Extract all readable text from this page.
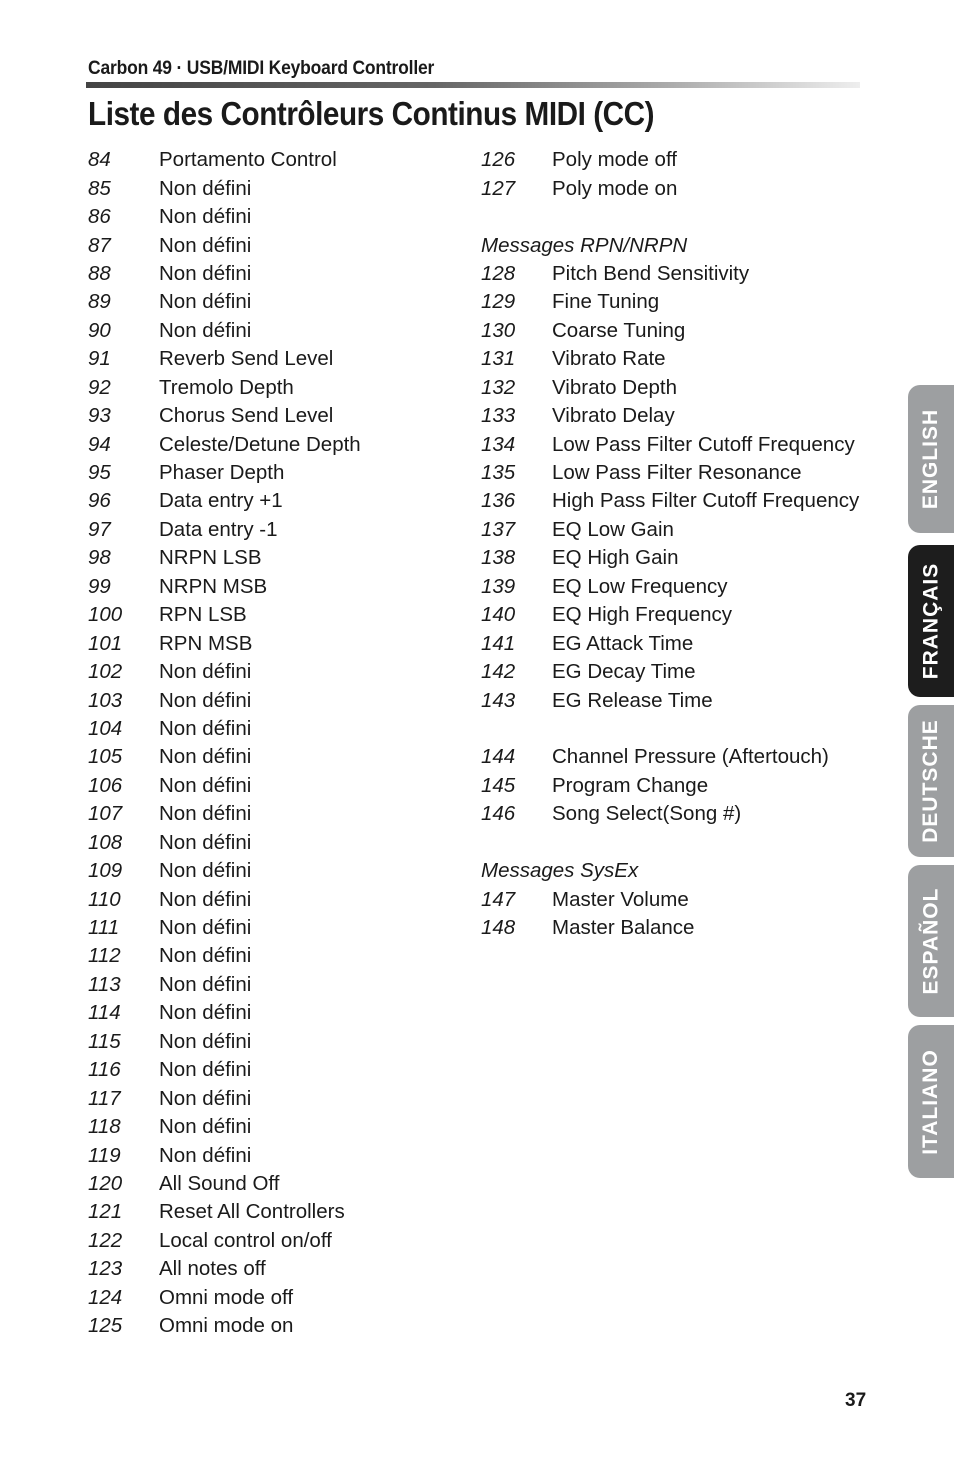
Carbon 49 · USB/MIDI Keyboard Controller
Liste des Contrôleurs Continus MIDI (CC)
84	Portamento Control
85	Non défini
86	Non défini
87	Non défini
88	Non défini
89	Non défini
90	Non défini
91	Reverb Send Level
92	Tremolo Depth
93	Chorus Send Level
94	Celeste/Detune Depth
95	Phaser Depth
96	Data entry +1
97	Data entry -1
98	NRPN LSB
99	NRPN MSB
100	RPN LSB
101	RPN MSB
102	Non défini
103	Non défini
104	Non défini
105	Non défini
106	Non défini
107	Non défini
108	Non défini
109	Non défini
110	Non défini
111	Non défini
112	Non défini
113	Non défini
114	Non défini
115	Non défini
116	Non défini
117	Non défini
118	Non défini
119	Non défini
120	All Sound Off
121	Reset All Controllers
122	Local control on/off
123	All notes off
124	Omni mode off
125	Omni mode on
126	Poly mode off
127	Poly mode on
Messages RPN/NRPN
128	Pitch Bend Sensitivity
129	Fine Tuning
130	Coarse Tuning
131	Vibrato Rate
132	Vibrato Depth
133	Vibrato Delay
134	Low Pass Filter Cutoff Frequency
135	Low Pass Filter Resonance
136	High Pass Filter Cutoff Frequency
137	EQ Low Gain
138	EQ High Gain
139	EQ Low Frequency
140	EQ High Frequency
141	EG Attack Time
142	EG Decay Time
143	EG Release Time
144	Channel Pressure (Aftertouch)
145	Program Change
146	Song Select(Song #)
Messages SysEx
147	Master Volume
148	Master Balance
ENGLISH
FRANÇAIS
DEUTSCHE
ESPAÑOL
ITALIANO
37
